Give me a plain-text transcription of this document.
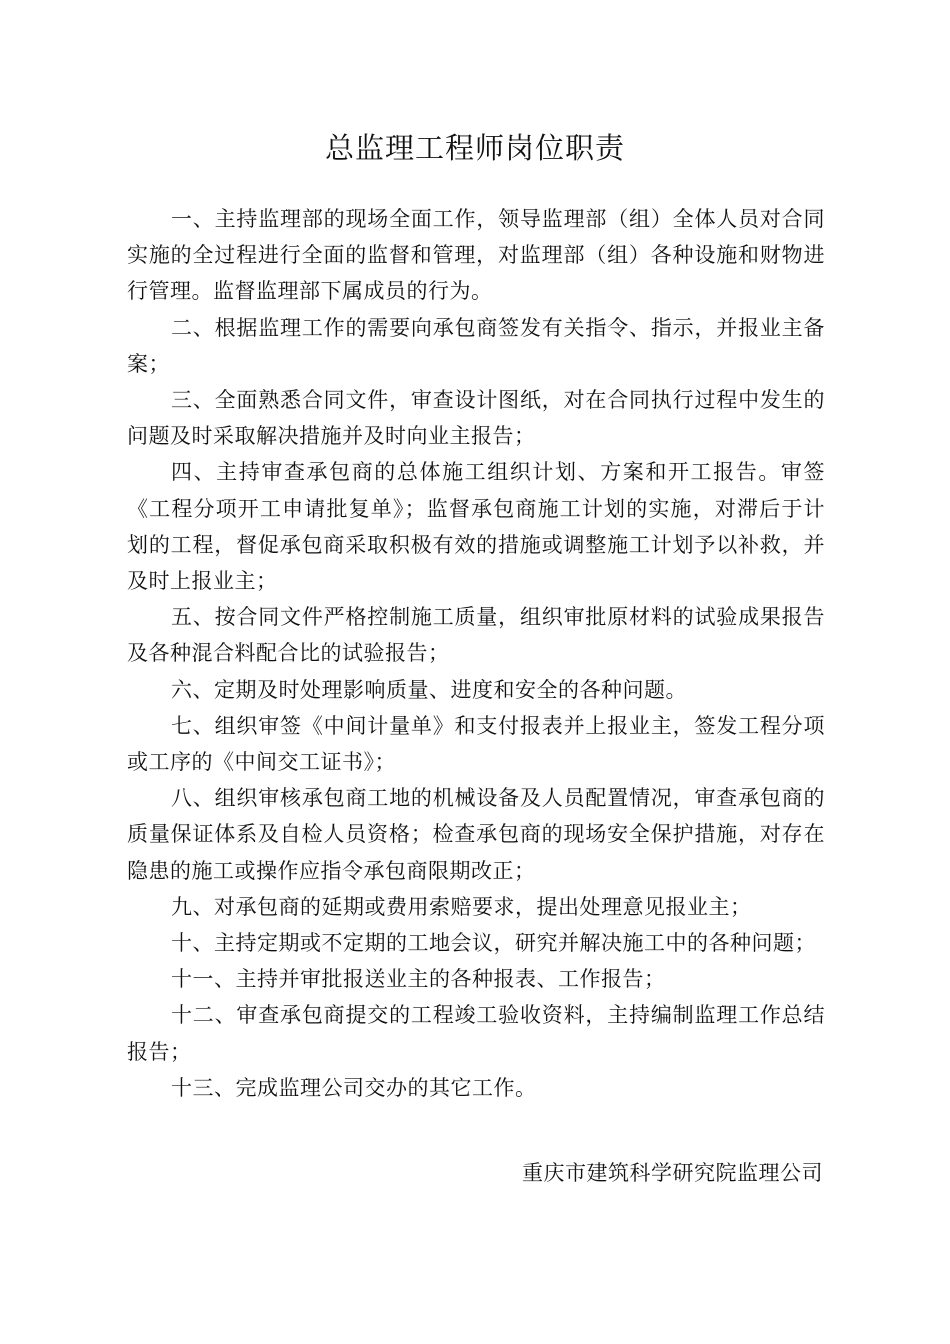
总监理工程师岗位职责

一、主持监理部的现场全面工作，领导监理部（组）全体人员对合同实施的全过程进行全面的监督和管理，对监理部（组）各种设施和财物进行管理。监督监理部下属成员的行为。

二、根据监理工作的需要向承包商签发有关指令、指示，并报业主备案；

三、全面熟悉合同文件，审查设计图纸，对在合同执行过程中发生的问题及时采取解决措施并及时向业主报告；

四、主持审查承包商的总体施工组织计划、方案和开工报告。审签《工程分项开工申请批复单》；监督承包商施工计划的实施，对滞后于计划的工程，督促承包商采取积极有效的措施或调整施工计划予以补救，并及时上报业主；

五、按合同文件严格控制施工质量，组织审批原材料的试验成果报告及各种混合料配合比的试验报告；

六、定期及时处理影响质量、进度和安全的各种问题。

七、组织审签《中间计量单》和支付报表并上报业主，签发工程分项或工序的《中间交工证书》；

八、组织审核承包商工地的机械设备及人员配置情况，审查承包商的质量保证体系及自检人员资格；检查承包商的现场安全保护措施，对存在隐患的施工或操作应指令承包商限期改正；

九、对承包商的延期或费用索赔要求，提出处理意见报业主；

十、主持定期或不定期的工地会议，研究并解决施工中的各种问题；

十一、主持并审批报送业主的各种报表、工作报告；

十二、审查承包商提交的工程竣工验收资料，主持编制监理工作总结报告；

十三、完成监理公司交办的其它工作。

重庆市建筑科学研究院监理公司
